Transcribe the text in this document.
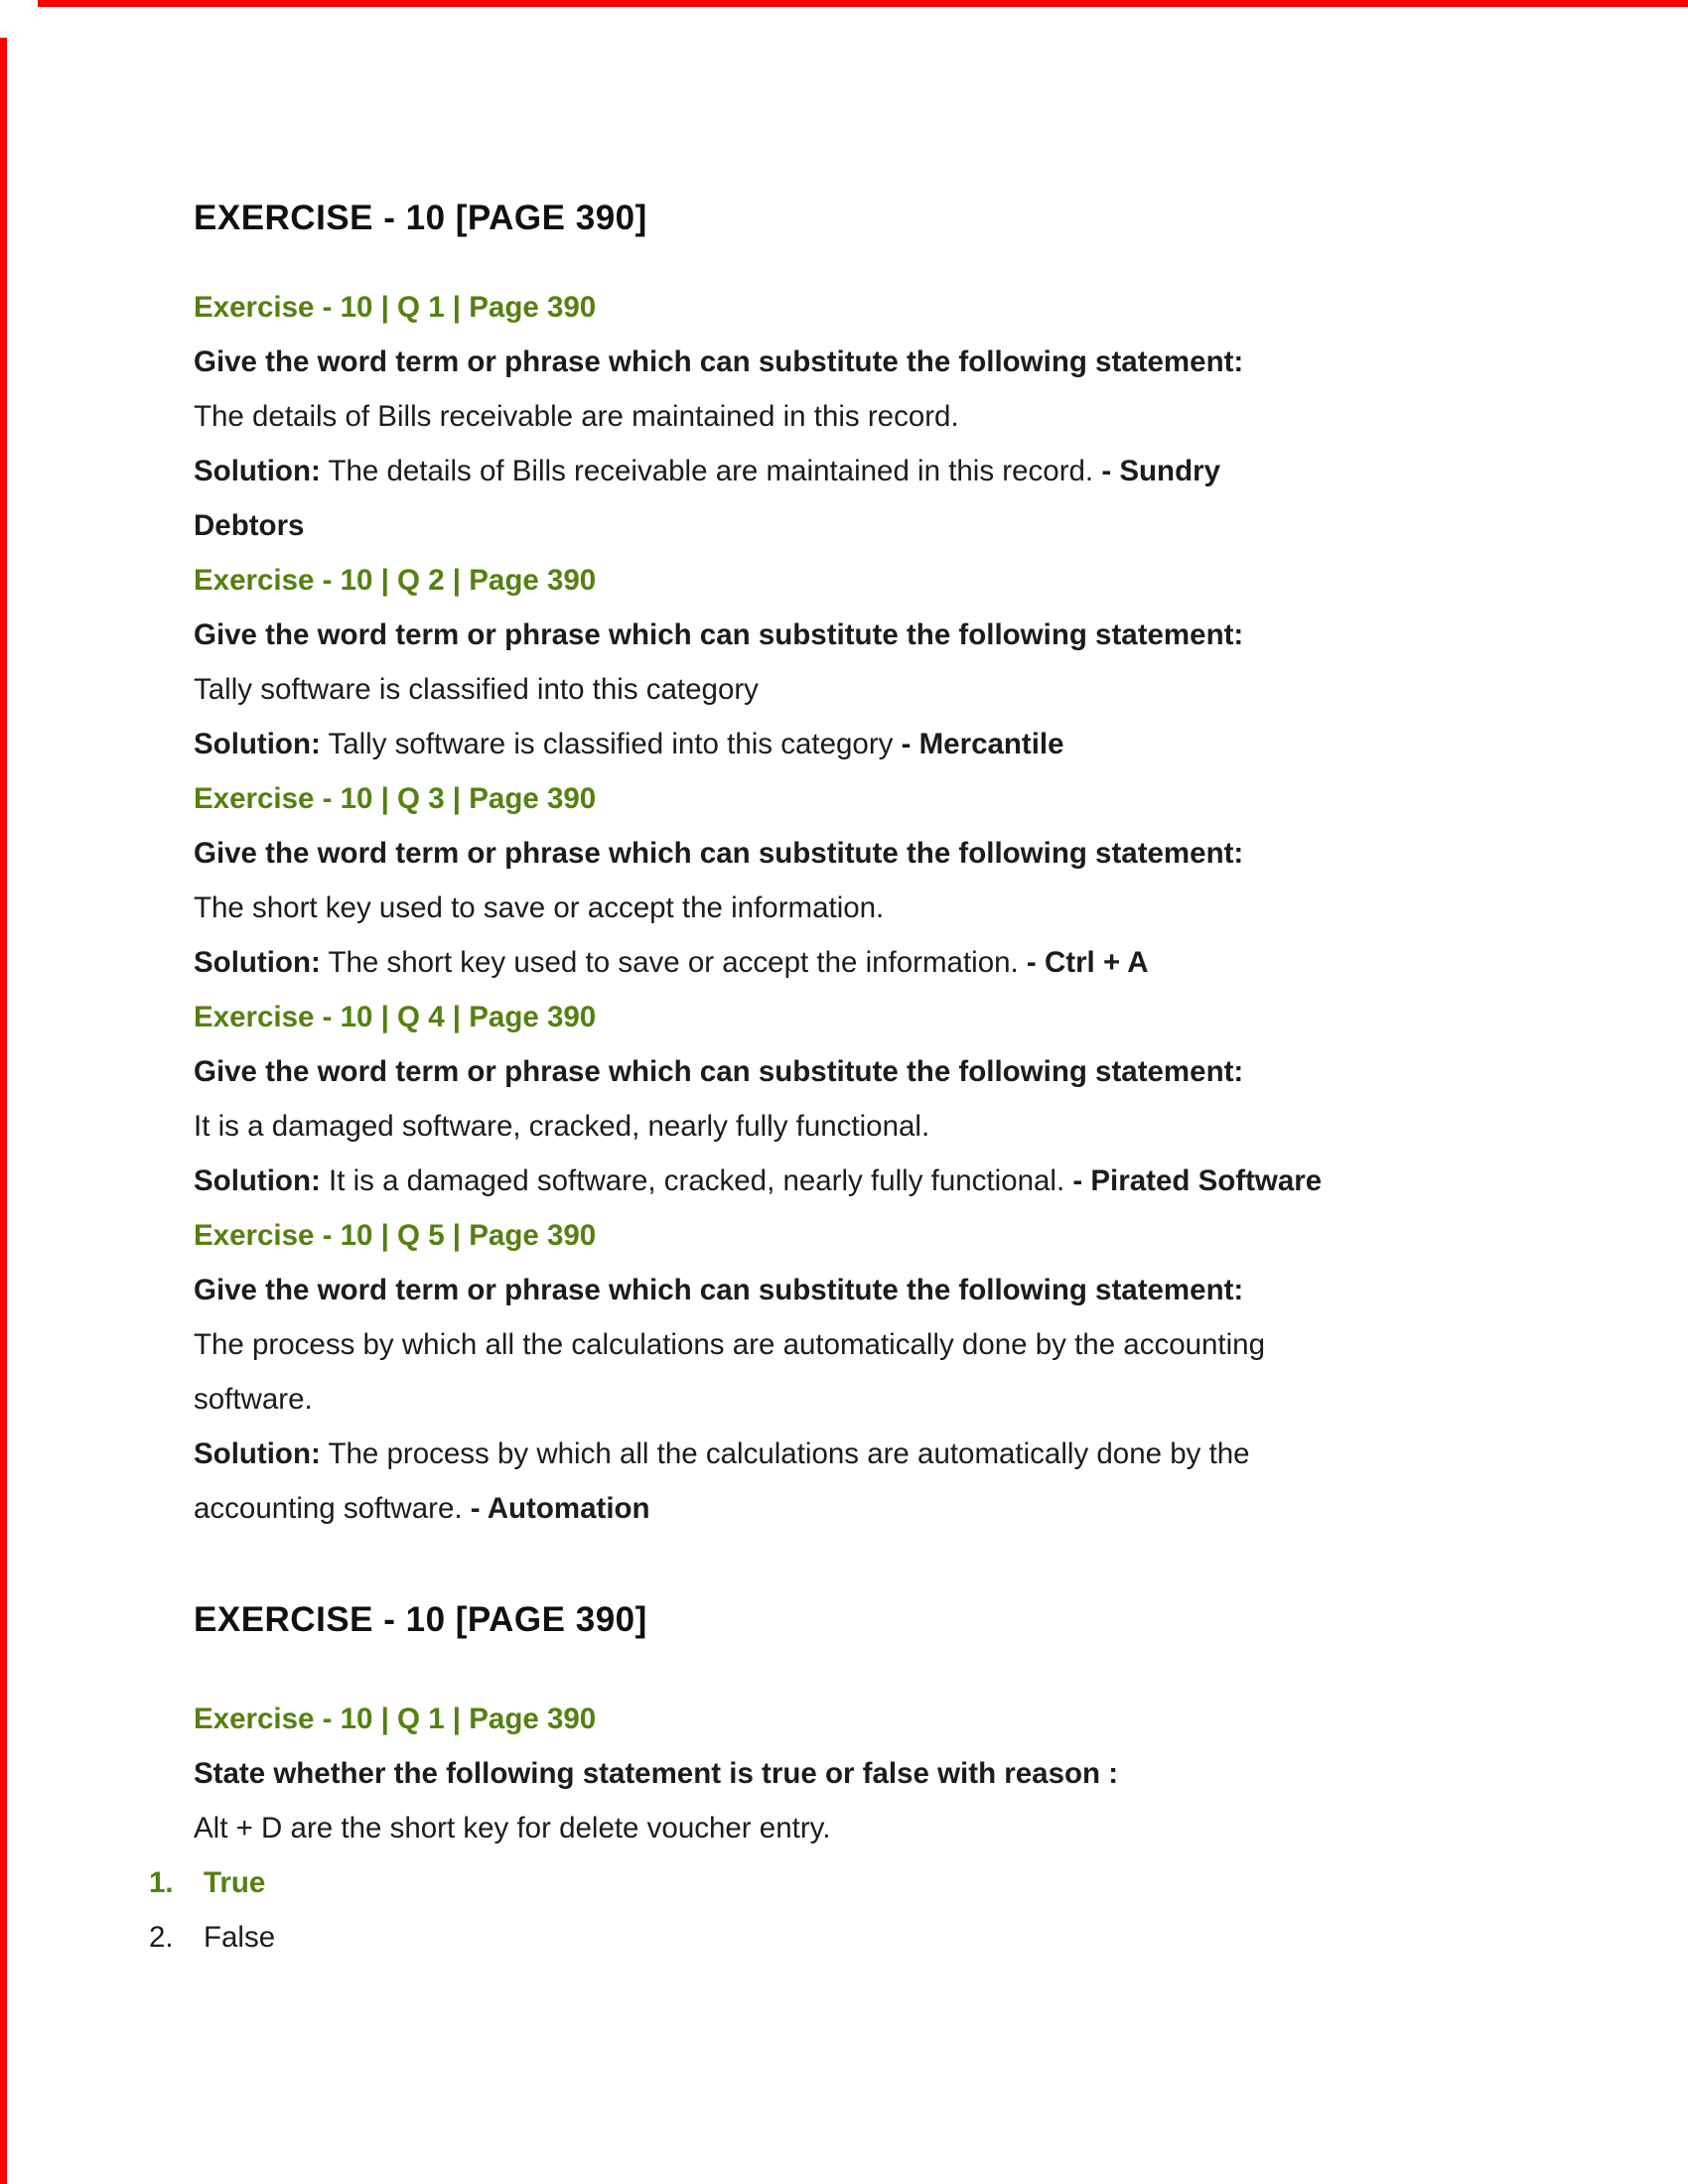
EXERCISE - 10 [PAGE 390]
Exercise - 10 | Q 1 | Page 390
Give the word term or phrase which can substitute the following statement:
The details of Bills receivable are maintained in this record.
Solution: The details of Bills receivable are maintained in this record. - Sundry
Debtors
Exercise - 10 | Q 2 | Page 390
Give the word term or phrase which can substitute the following statement:
Tally software is classified into this category
Solution: Tally software is classified into this category - Mercantile
Exercise - 10 | Q 3 | Page 390
Give the word term or phrase which can substitute the following statement:
The short key used to save or accept the information.
Solution: The short key used to save or accept the information. - Ctrl + A
Exercise - 10 | Q 4 | Page 390
Give the word term or phrase which can substitute the following statement:
It is a damaged software, cracked, nearly fully functional.
Solution: It is a damaged software, cracked, nearly fully functional. - Pirated Software
Exercise - 10 | Q 5 | Page 390
Give the word term or phrase which can substitute the following statement:
The process by which all the calculations are automatically done by the accounting
software.
Solution: The process by which all the calculations are automatically done by the
accounting software. - Automation
EXERCISE - 10 [PAGE 390]
Exercise - 10 | Q 1 | Page 390
State whether the following statement is true or false with reason :
Alt + D are the short key for delete voucher entry.
1. True
2. False
